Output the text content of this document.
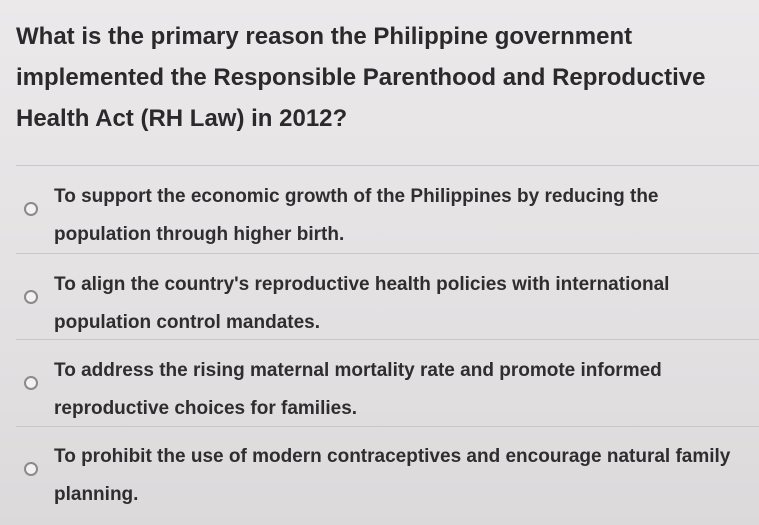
What is the primary reason the Philippine government implemented the Responsible Parenthood and Reproductive Health Act (RH Law) in 2012?
To support the economic growth of the Philippines by reducing the population through higher birth.
To align the country's reproductive health policies with international population control mandates.
To address the rising maternal mortality rate and promote informed reproductive choices for families.
To prohibit the use of modern contraceptives and encourage natural family planning.
